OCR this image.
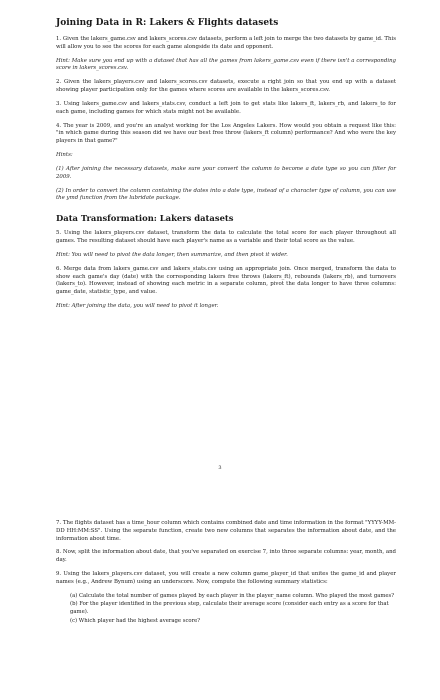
Joining Data in R: Lakers & Flights datasets

1. Given the lakers_game.csv and lakers_scores.csv datasets, perform a left join to merge the two datasets by game_id. This will allow you to see the scores for each game alongside its date and opponent.

Hint: Make sure you end up with a dataset that has all the games from lakers_game.csv even if there isn't a corresponding score in lakers_scores.csv.

2. Given the lakers_players.csv and lakers_scores.csv datasets, execute a right join so that you end up with a dataset showing player participation only for the games where scores are available in the lakers_scores.csv.

3. Using lakers_game.csv and lakers_stats.csv, conduct a left join to get stats like lakers_ft, lakers_rb, and lakers_to for each game, including games for which stats might not be available.

4. The year is 2009, and you're an analyst working for the Los Angeles Lakers. How would you obtain a request like this: "in which game during this season did we have our best free throw (lakers_ft column) performance? And who were the key players in that game?"

Hints:

(1) After joining the necessary datasets, make sure your convert the column to become a date type so you can filter for 2009.

(2) In order to convert the column containing the dates into a date type, instead of a character type of column, you can use the ymd function from the lubridate package.

Data Transformation: Lakers datasets

5. Using the lakers_players.csv dataset, transform the data to calculate the total score for each player throughout all games. The resulting dataset should have each player's name as a variable and their total score as the value.

Hint: You will need to pivot the data longer, then summarize, and then pivot it wider.

6. Merge data from lakers_game.csv and lakers_stats.csv using an appropriate join. Once merged, transform the data to show each game's day (date) with the corresponding lakers free throws (lakers_ft), rebounds (lakers_rb), and turnovers (lakers_to). However, instead of showing each metric in a separate column, pivot the data longer to have three columns: game_date, statistic_type, and value.

Hint: After joining the data, you will need to pivot it longer.

3

7. The flights dataset has a time_hour column which contains combined date and time information in the format "YYYY-MM-DD HH:MM:SS". Using the separate function, create two new columns that separates the information about date, and the information about time.

8. Now, split the information about date, that you've separated on exercise 7, into three separate columns: year, month, and day.

9. Using the lakers_players.csv dataset, you will create a new column game_player_id that unites the game_id and player names (e.g., Andrew Bynum) using an underscore. Now, compute the following summary statistics:

(a) Calculate the total number of games played by each player in the player_name column. Who played the most games?
(b) For the player identified in the previous step, calculate their average score (consider each entry as a score for that game).
(c) Which player had the highest average score?
